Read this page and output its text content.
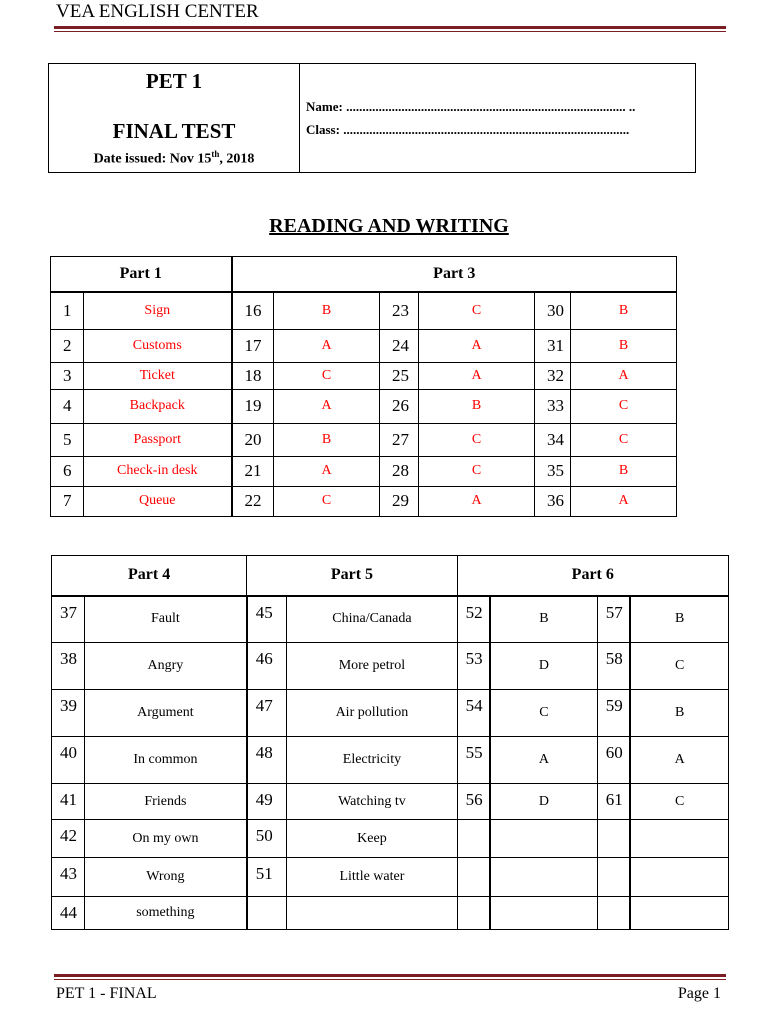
VEA ENGLISH CENTER
PET 1
FINAL TEST
Date issued: Nov 15th, 2018

Name: ...................................................................................... ..
Class: ........................................................................................
READING AND WRITING
Part 1		Part 3					
1	Sign	16	B	23	C	30	B
2	Customs	17	A	24	A	31	B
3	Ticket	18	C	25	A	32	A
4	Backpack	19	A	26	B	33	C
5	Passport	20	B	27	C	34	C
6	Check-in desk	21	A	28	C	35	B
7	Queue	22	C	29	A	36	A
Part 4		Part 5		Part 6			
37	Fault	45	China/Canada	52	B	57	B
38	Angry	46	More petrol	53	D	58	C
39	Argument	47	Air pollution	54	C	59	B
40	In common	48	Electricity	55	A	60	A
41	Friends	49	Watching tv	56	D	61	C
42	On my own	50	Keep				
43	Wrong	51	Little water				
44	something						
PET 1 - FINAL	Page 1
